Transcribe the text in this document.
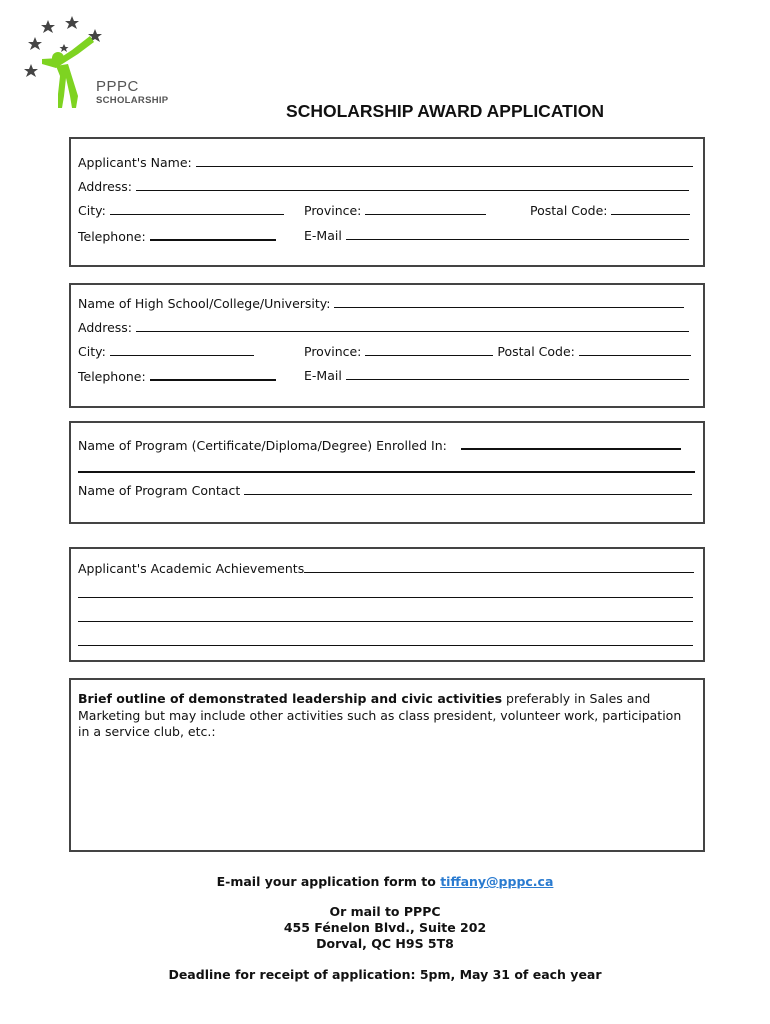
PPPC
SCHOLARSHIP
SCHOLARSHIP AWARD APPLICATION
Applicant's Name:
Address:
City:	Province:	Postal Code:
Telephone:	E-Mail
Name of High School/College/University:
Address:
City:	Province:	Postal Code:
Telephone:	E-Mail
Name of Program (Certificate/Diploma/Degree) Enrolled In:
Name of Program Contact
Applicant's Academic Achievements
Brief outline of demonstrated leadership and civic activities preferably in Sales and
Marketing but may include other activities such as class president, volunteer work, participation
in a service club, etc.:
E-mail your application form to tiffany@pppc.ca
Or mail to PPPC
455 Fénelon Blvd., Suite 202
Dorval, QC H9S 5T8
Deadline for receipt of application: 5pm, May 31 of each year
